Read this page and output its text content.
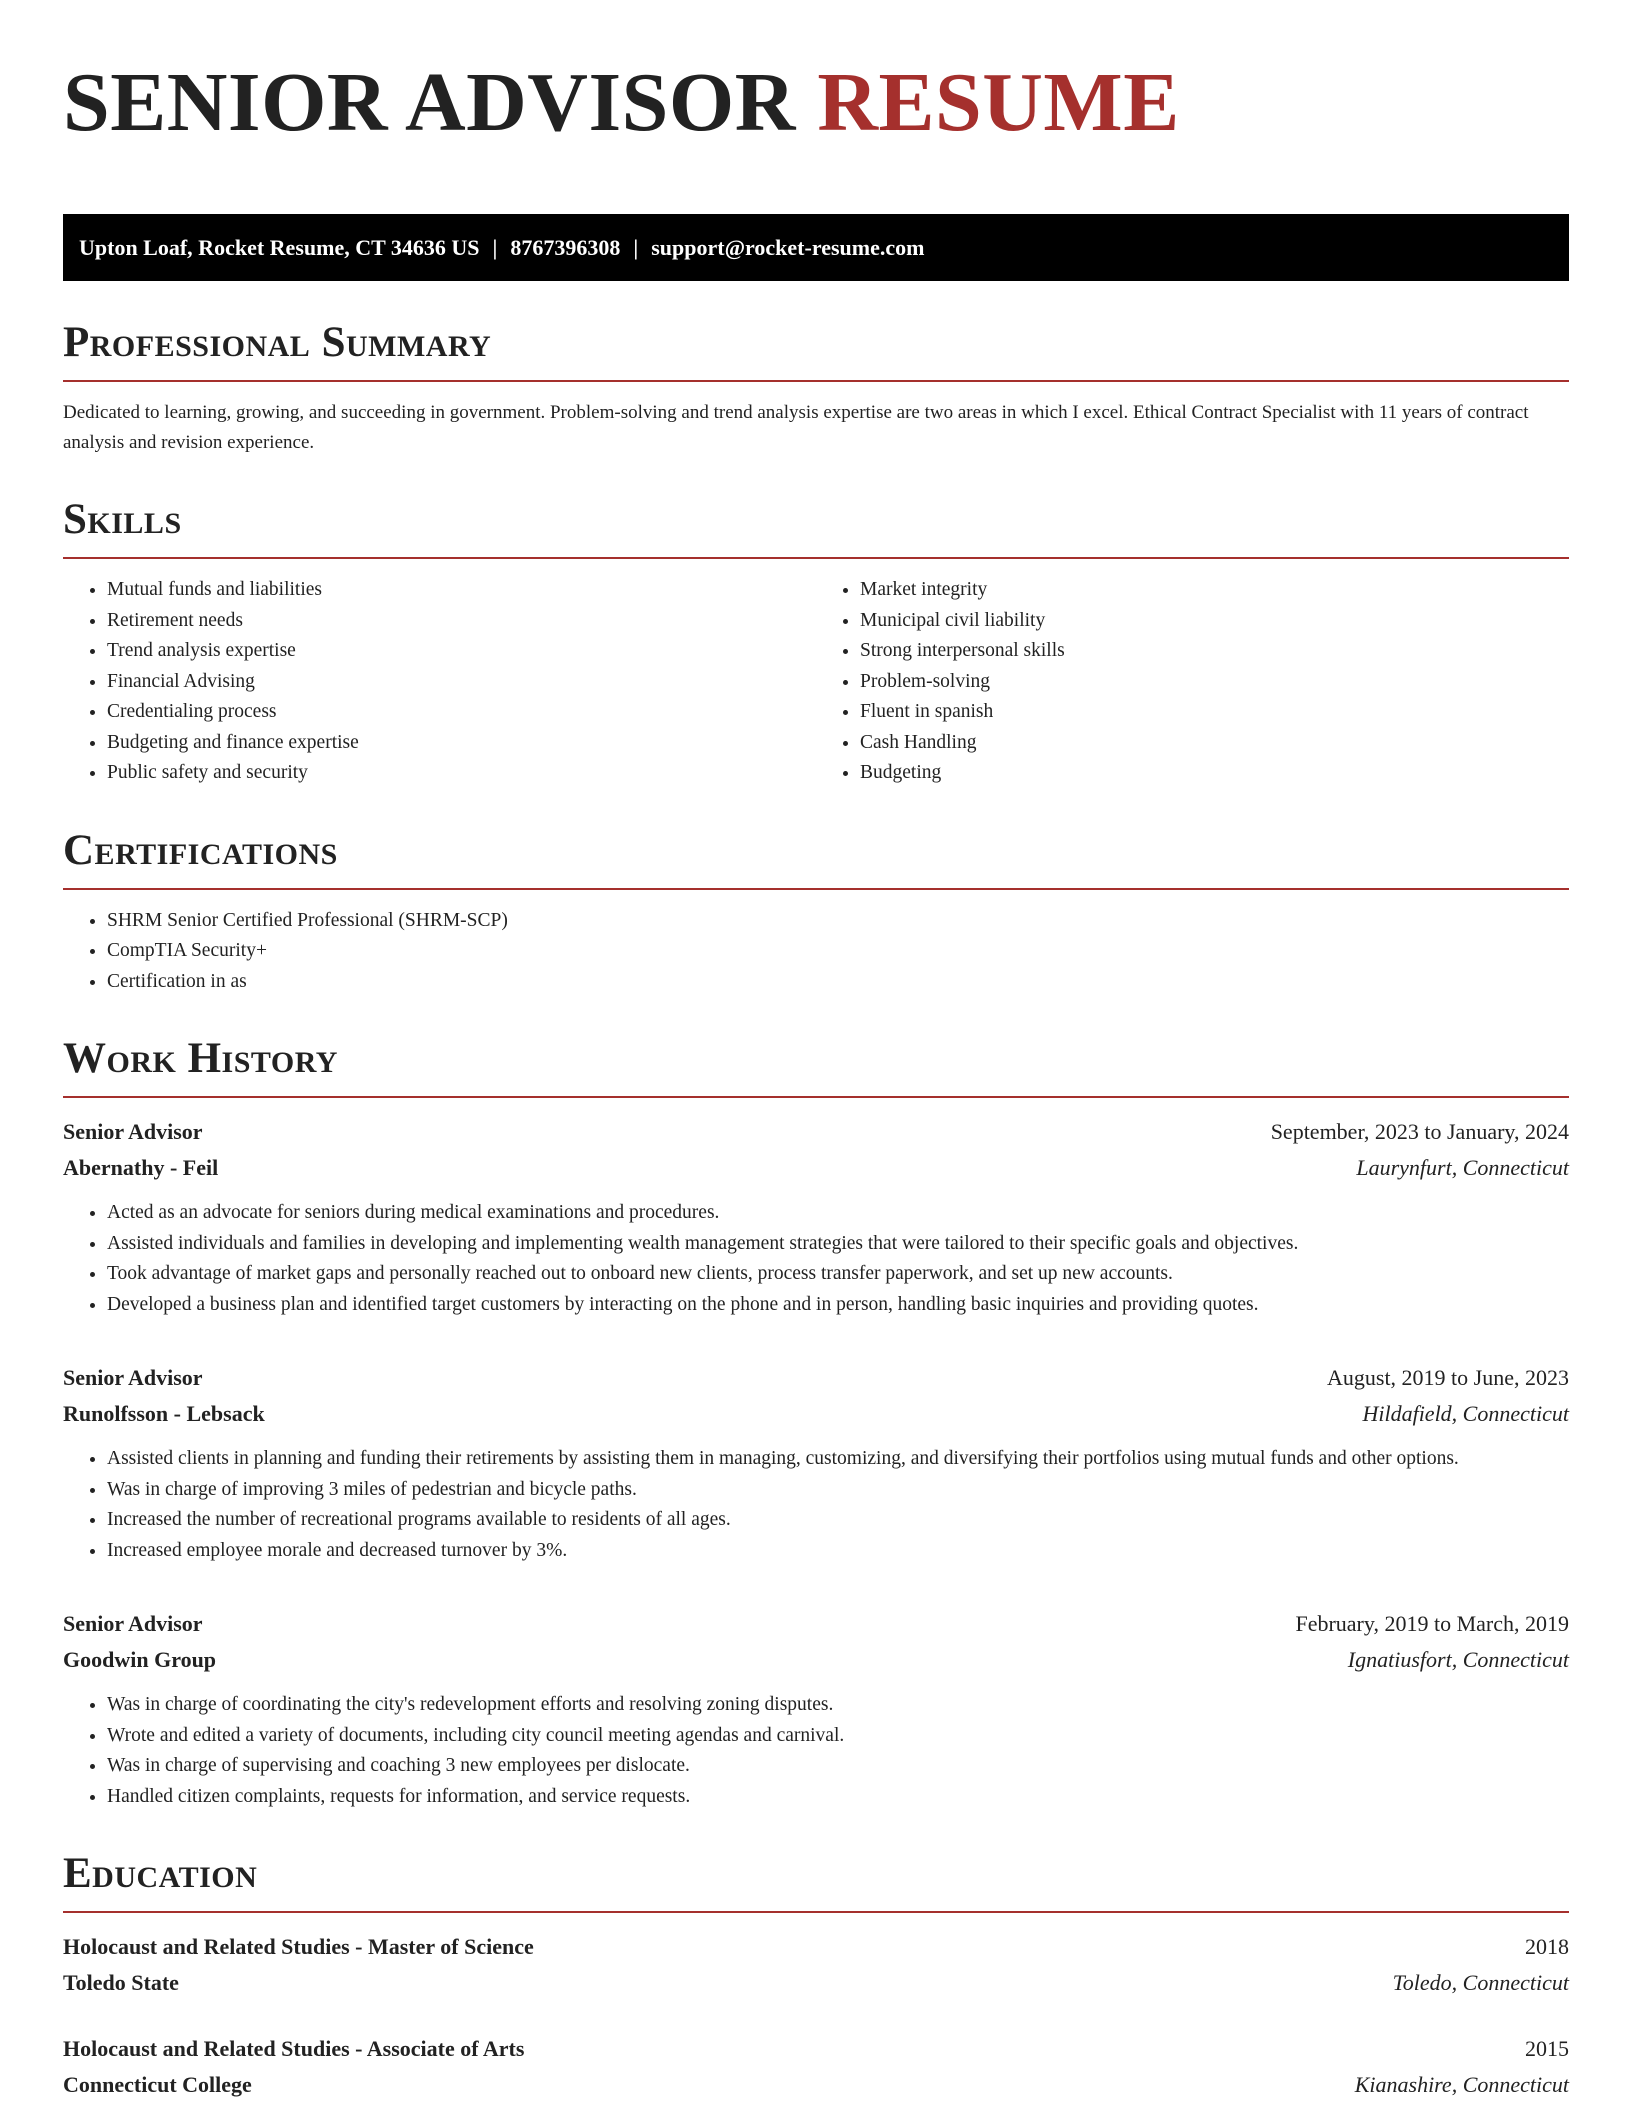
SENIOR ADVISOR RESUME
Upton Loaf, Rocket Resume, CT 34636 US | 8767396308 | support@rocket-resume.com
Professional Summary
Dedicated to learning, growing, and succeeding in government. Problem-solving and trend analysis expertise are two areas in which I excel. Ethical Contract Specialist with 11 years of contract analysis and revision experience.
Skills
• Mutual funds and liabilities
• Retirement needs
• Trend analysis expertise
• Financial Advising
• Credentialing process
• Budgeting and finance expertise
• Public safety and security
• Market integrity
• Municipal civil liability
• Strong interpersonal skills
• Problem-solving
• Fluent in spanish
• Cash Handling
• Budgeting
Certifications
• SHRM Senior Certified Professional (SHRM-SCP)
• CompTIA Security+
• Certification in as
Work History
Senior Advisor	September, 2023 to January, 2024
Abernathy - Feil	Laurynfurt, Connecticut
• Acted as an advocate for seniors during medical examinations and procedures.
• Assisted individuals and families in developing and implementing wealth management strategies that were tailored to their specific goals and objectives.
• Took advantage of market gaps and personally reached out to onboard new clients, process transfer paperwork, and set up new accounts.
• Developed a business plan and identified target customers by interacting on the phone and in person, handling basic inquiries and providing quotes.
Senior Advisor	August, 2019 to June, 2023
Runolfsson - Lebsack	Hildafield, Connecticut
• Assisted clients in planning and funding their retirements by assisting them in managing, customizing, and diversifying their portfolios using mutual funds and other options.
• Was in charge of improving 3 miles of pedestrian and bicycle paths.
• Increased the number of recreational programs available to residents of all ages.
• Increased employee morale and decreased turnover by 3%.
Senior Advisor	February, 2019 to March, 2019
Goodwin Group	Ignatiusfort, Connecticut
• Was in charge of coordinating the city's redevelopment efforts and resolving zoning disputes.
• Wrote and edited a variety of documents, including city council meeting agendas and carnival.
• Was in charge of supervising and coaching 3 new employees per dislocate.
• Handled citizen complaints, requests for information, and service requests.
Education
Holocaust and Related Studies - Master of Science	2018
Toledo State	Toledo, Connecticut
Holocaust and Related Studies - Associate of Arts	2015
Connecticut College	Kianashire, Connecticut
